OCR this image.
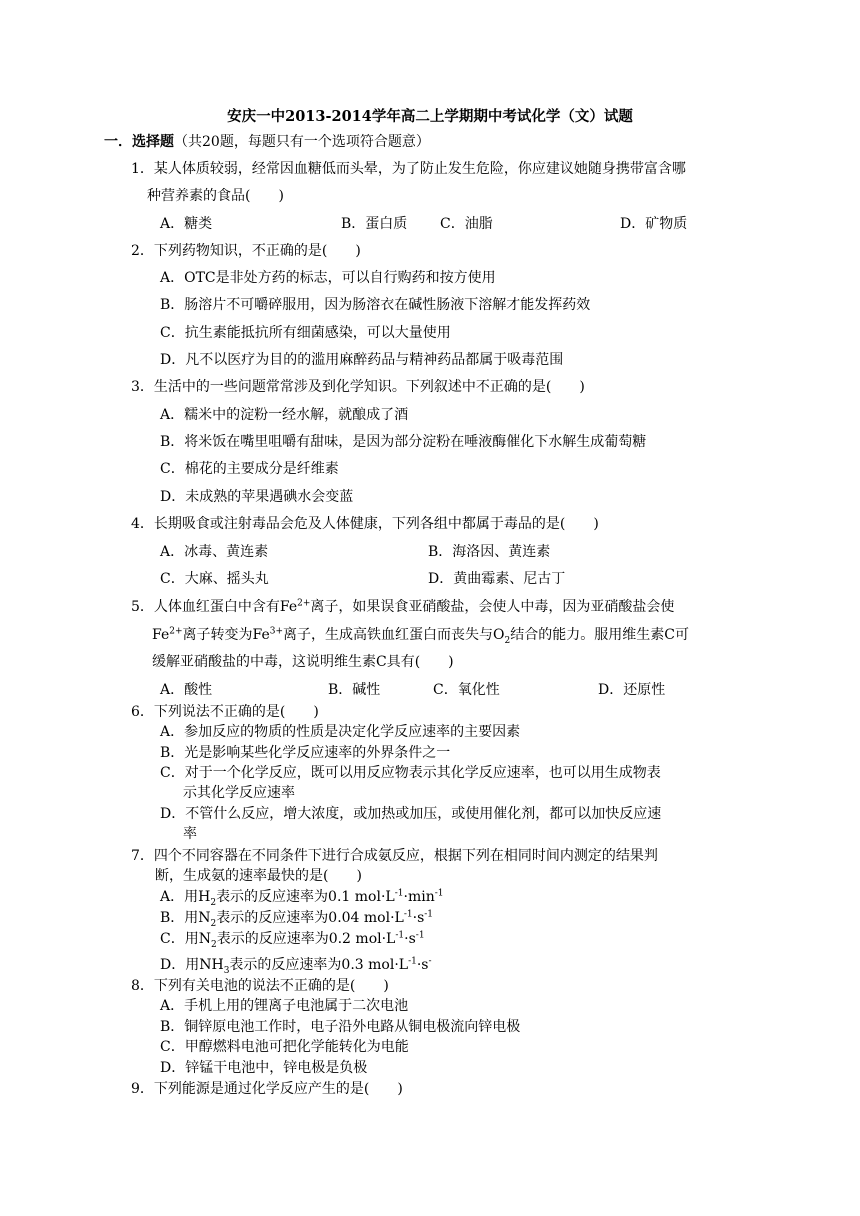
安庆一中2013-2014学年高二上学期期中考试化学（文）试题
一．选择题（共20题，每题只有一个选项符合题意）
1．某人体质较弱，经常因血糖低而头晕，为了防止发生危险，你应建议她随身携带富含哪
种营养素的食品(　　)
A．糖类	B．蛋白质 C．油脂	D．矿物质
2．下列药物知识，不正确的是(　　)
A．OTC是非处方药的标志，可以自行购药和按方使用
B．肠溶片不可嚼碎服用，因为肠溶衣在碱性肠液下溶解才能发挥药效
C．抗生素能抵抗所有细菌感染，可以大量使用
D．凡不以医疗为目的的滥用麻醉药品与精神药品都属于吸毒范围
3．生活中的一些问题常常涉及到化学知识。下列叙述中不正确的是(　　)
A．糯米中的淀粉一经水解，就酿成了酒
B．将米饭在嘴里咀嚼有甜味，是因为部分淀粉在唾液酶催化下水解生成葡萄糖
C．棉花的主要成分是纤维素
D．未成熟的苹果遇碘水会变蓝
4．长期吸食或注射毒品会危及人体健康，下列各组中都属于毒品的是(　　)
A．冰毒、黄连素	B．海洛因、黄连素
C．大麻、摇头丸	D．黄曲霉素、尼古丁
5．人体血红蛋白中含有$Fe^{2+}$离子，如果误食亚硝酸盐，会使人中毒，因为亚硝酸盐会使
$Fe^{2+}$离子转变为$Fe^{3+}$离子，生成高铁血红蛋白而丧失与$O_2$结合的能力。服用维生素C可
缓解亚硝酸盐的中毒，这说明维生素C具有(　　)
A．酸性	B．碱性	C．氧化性	D．还原性
6．下列说法不正确的是(　　)
A．参加反应的物质的性质是决定化学反应速率的主要因素
B．光是影响某些化学反应速率的外界条件之一
C．对于一个化学反应，既可以用反应物表示其化学反应速率，也可以用生成物表
示其化学反应速率
D．不管什么反应，增大浓度，或加热或加压，或使用催化剂，都可以加快反应速
率
7．四个不同容器在不同条件下进行合成氨反应，根据下列在相同时间内测定的结果判
断，生成氨的速率最快的是(　　)
A．用$H_2$表示的反应速率为0.1 $mol\cdot L^{-1}\cdot\min^{-1}$
B．用$N_2$表示的反应速率为0.04 $mol\cdot L^{-1}\cdot s^{-1}$
C．用$N_2$表示的反应速率为0.2 $mol\cdot L^{-1}\cdot s^{-1}$
D．用$NH_3$表示的反应速率为0.3 $mol\cdot L^{-1}\cdot s^-$
8．下列有关电池的说法不正确的是(　　)
A．手机上用的锂离子电池属于二次电池
B．铜锌原电池工作时，电子沿外电路从铜电极流向锌电极
C．甲醇燃料电池可把化学能转化为电能
D．锌锰干电池中，锌电极是负极
9．下列能源是通过化学反应产生的是(　　)
